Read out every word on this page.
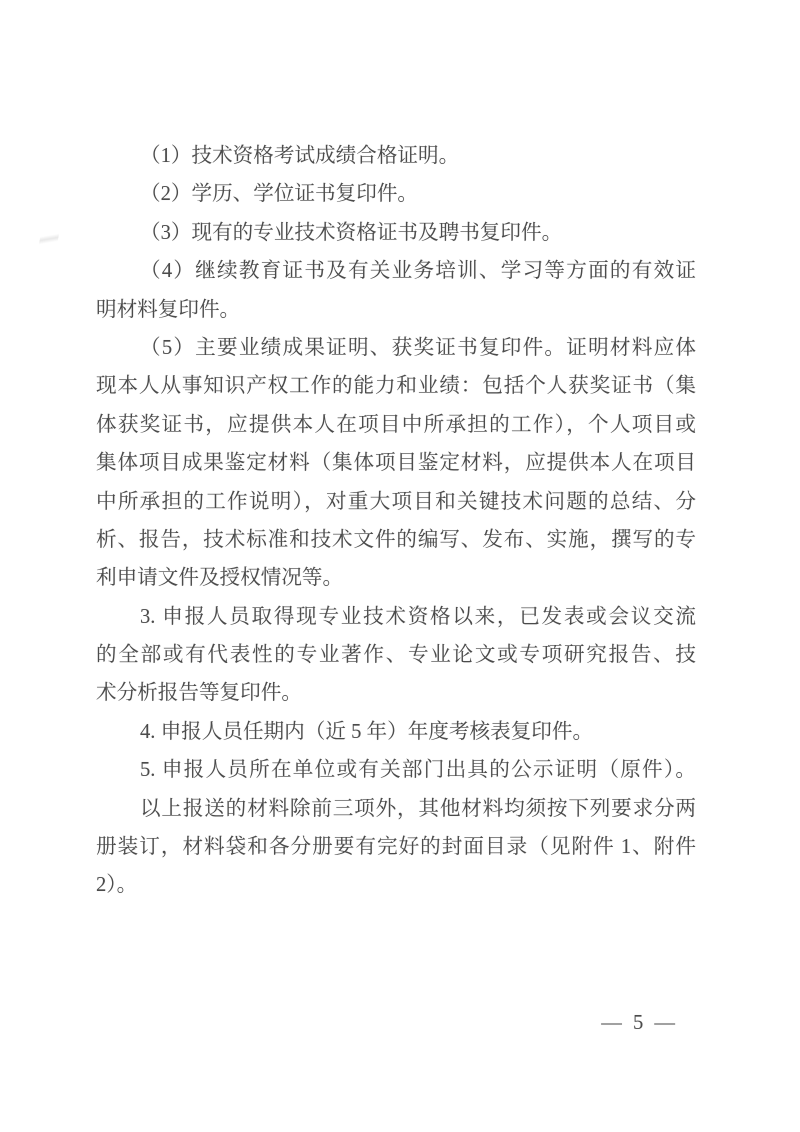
（1）技术资格考试成绩合格证明。
（2）学历、学位证书复印件。
（3）现有的专业技术资格证书及聘书复印件。
（4）继续教育证书及有关业务培训、学习等方面的有效证
明材料复印件。
（5）主要业绩成果证明、获奖证书复印件。证明材料应体
现本人从事知识产权工作的能力和业绩：包括个人获奖证书（集
体获奖证书，应提供本人在项目中所承担的工作），个人项目或
集体项目成果鉴定材料（集体项目鉴定材料，应提供本人在项目
中所承担的工作说明），对重大项目和关键技术问题的总结、分
析、报告，技术标准和技术文件的编写、发布、实施，撰写的专
利申请文件及授权情况等。
3. 申报人员取得现专业技术资格以来，已发表或会议交流
的全部或有代表性的专业著作、专业论文或专项研究报告、技
术分析报告等复印件。
4. 申报人员任期内（近 5 年）年度考核表复印件。
5. 申报人员所在单位或有关部门出具的公示证明（原件）。
以上报送的材料除前三项外，其他材料均须按下列要求分两
册装订，材料袋和各分册要有完好的封面目录（见附件 1、附件
2）。
— 5 —
